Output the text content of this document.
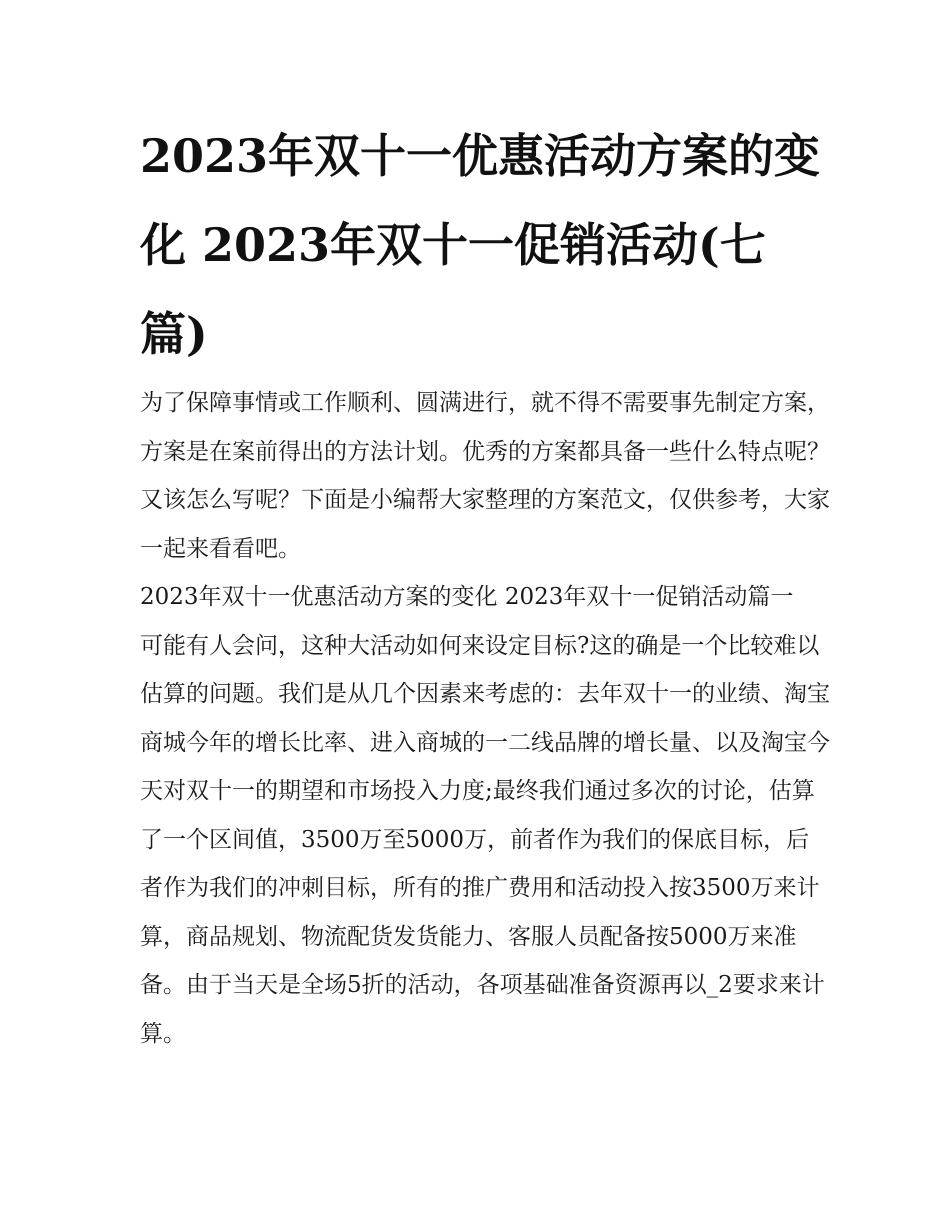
2023年双十一优惠活动方案的变化 2023年双十一促销活动(七篇)

为了保障事情或工作顺利、圆满进行，就不得不需要事先制定方案，方案是在案前得出的方法计划。优秀的方案都具备一些什么特点呢？又该怎么写呢？下面是小编帮大家整理的方案范文，仅供参考，大家一起来看看吧。

2023年双十一优惠活动方案的变化 2023年双十一促销活动篇一

可能有人会问，这种大活动如何来设定目标?这的确是一个比较难以估算的问题。我们是从几个因素来考虑的：去年双十一的业绩、淘宝商城今年的增长比率、进入商城的一二线品牌的增长量、以及淘宝今天对双十一的期望和市场投入力度;最终我们通过多次的讨论，估算了一个区间值，3500万至5000万，前者作为我们的保底目标，后者作为我们的冲刺目标，所有的推广费用和活动投入按3500万来计算，商品规划、物流配货发货能力、客服人员配备按5000万来准备。由于当天是全场5折的活动，各项基础准备资源再以_2要求来计算。
